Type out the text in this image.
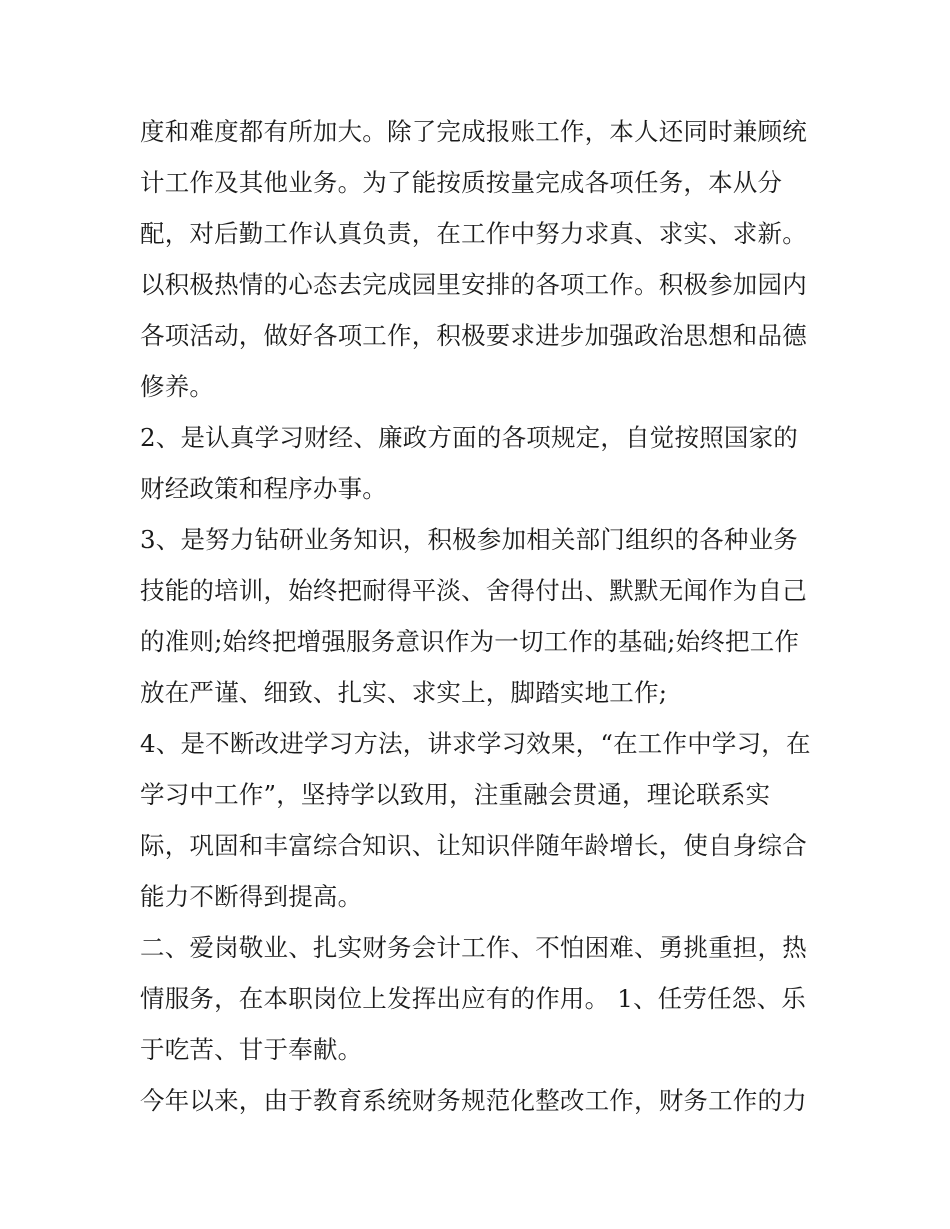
度和难度都有所加大。除了完成报账工作，本人还同时兼顾统
计工作及其他业务。为了能按质按量完成各项任务，本从分
配，对后勤工作认真负责，在工作中努力求真、求实、求新。
以积极热情的心态去完成园里安排的各项工作。积极参加园内
各项活动，做好各项工作，积极要求进步加强政治思想和品德
修养。
2、是认真学习财经、廉政方面的各项规定，自觉按照国家的
财经政策和程序办事。
3、是努力钻研业务知识，积极参加相关部门组织的各种业务
技能的培训，始终把耐得平淡、舍得付出、默默无闻作为自己
的准则;始终把增强服务意识作为一切工作的基础;始终把工作
放在严谨、细致、扎实、求实上，脚踏实地工作;
4、是不断改进学习方法，讲求学习效果，“在工作中学习，在
学习中工作”，坚持学以致用，注重融会贯通，理论联系实
际，巩固和丰富综合知识、让知识伴随年龄增长，使自身综合
能力不断得到提高。
二、爱岗敬业、扎实财务会计工作、不怕困难、勇挑重担，热
情服务，在本职岗位上发挥出应有的作用。 1、任劳任怨、乐
于吃苦、甘于奉献。
今年以来，由于教育系统财务规范化整改工作，财务工作的力
